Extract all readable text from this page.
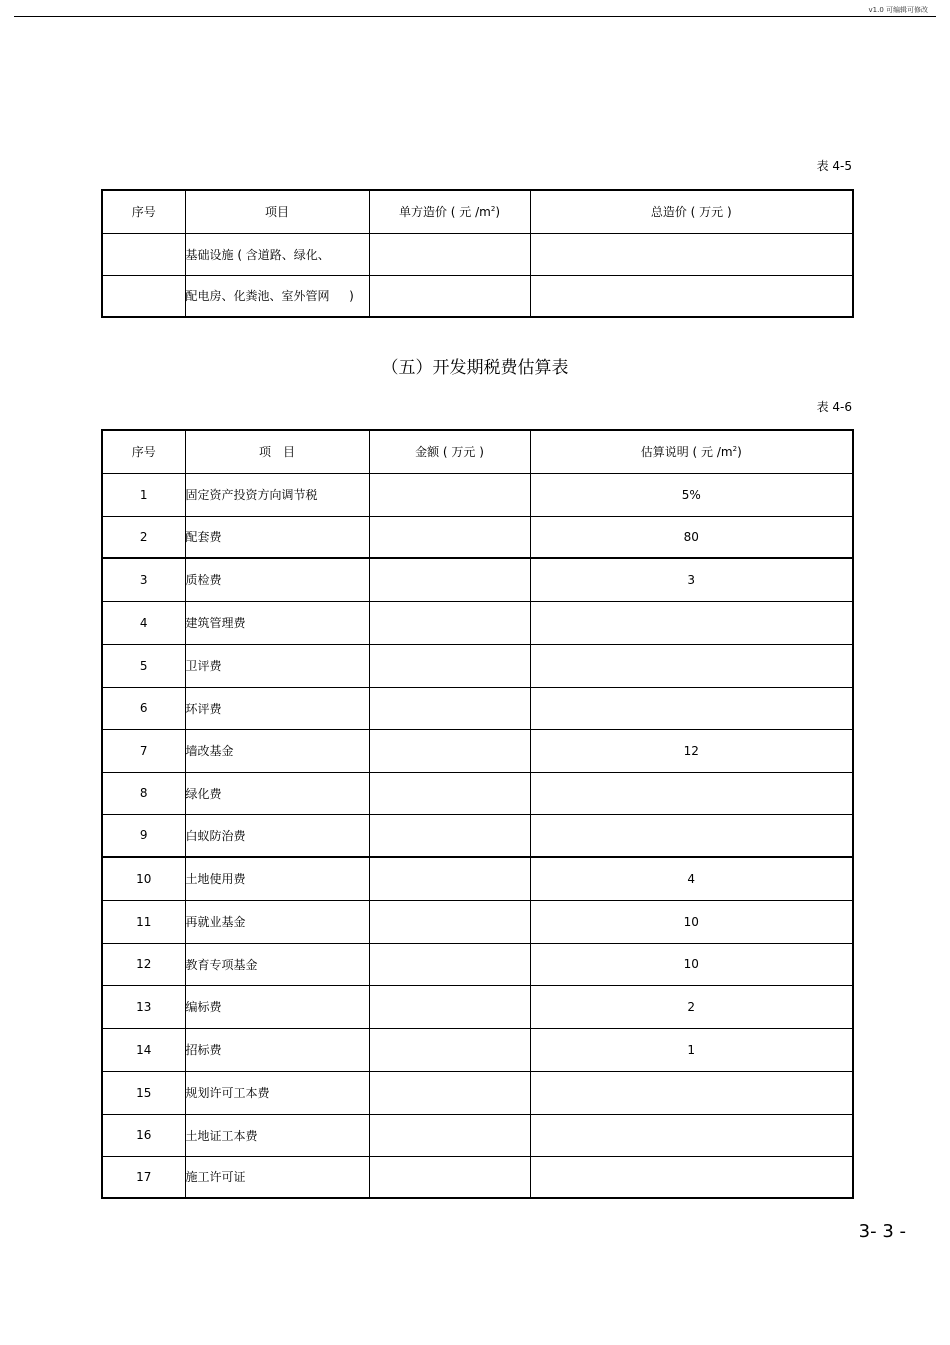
v1.0 可编辑可修改
表 4-5
序号	项目	单方造价 ( 元 $/m^2$)	总造价 ( 万元 )
	基础设施 ( 含道路、绿化、		
	配电房、化粪池、室外管网 　 )		
（五）开发期税费估算表
表 4-6
序号	项　目	金额 ( 万元 )	估算说明 ( 元 $/m^2$)
1	固定资产投资方向调节税		5%
2	配套费		80
3	质检费		3
4	建筑管理费		
5	卫评费		
6	环评费		
7	墙改基金		12
8	绿化费		
9	白蚁防治费		
10	土地使用费		4
11	再就业基金		10
12	教育专项基金		10
13	编标费		2
14	招标费		1
15	规划许可工本费		
16	土地证工本费		
17	施工许可证		
3- 3 -
